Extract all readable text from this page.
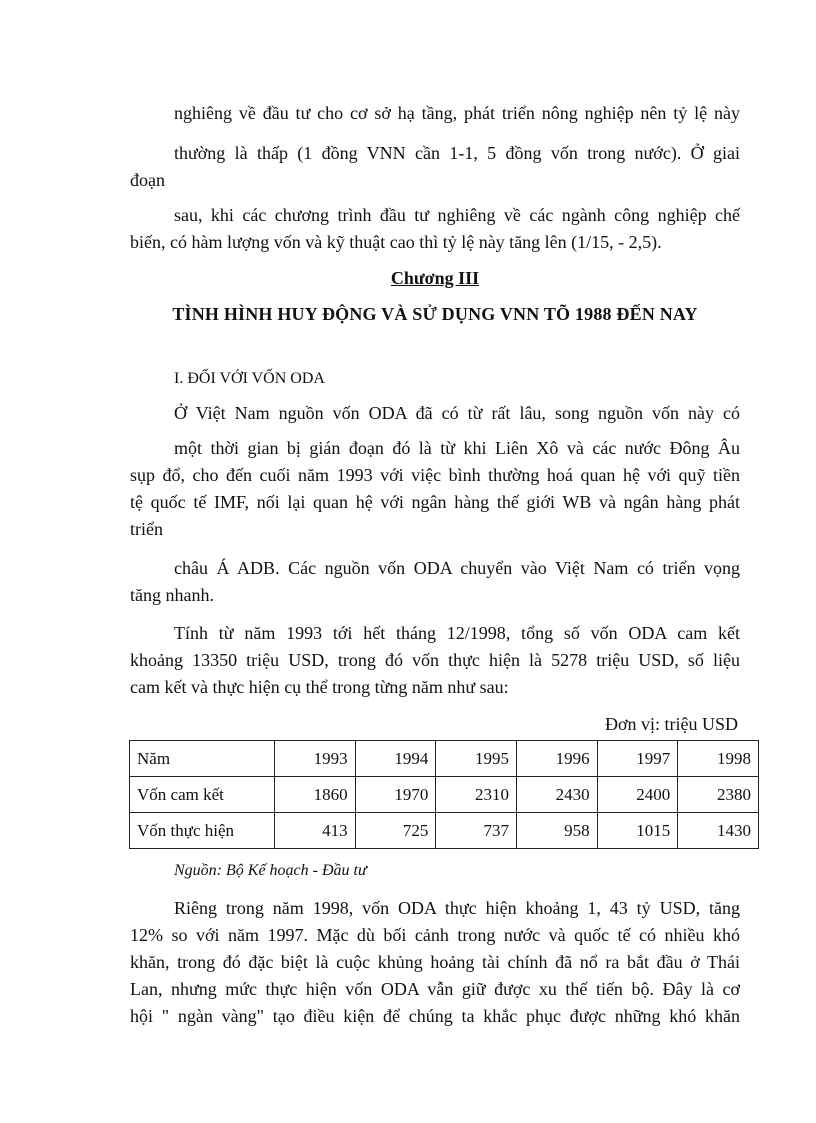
nghiêng về đầu tư cho cơ sở hạ tầng, phát triển nông nghiệp nên tỷ lệ này

thường là thấp (1 đồng VNN cần 1-1, 5 đồng vốn trong nước). Ở giai

đoạn

sau, khi các chương trình đầu tư nghiêng về các ngành công nghiệp chế

biến, có hàm lượng vốn và kỹ thuật cao thì tỷ lệ này tăng lên (1/15, - 2,5).

Chương III

TÌNH HÌNH HUY ĐỘNG VÀ SỬ DỤNG VNN TÕ 1988 ĐẾN NAY

I. ĐỐI VỚI VỐN ODA

Ở Việt Nam nguồn vốn ODA đã có từ rất lâu, song nguồn vốn này có

một thời gian bị gián đoạn đó là từ khi Liên Xô và các nước Đông Âu

sụp đổ, cho đến cuối năm 1993 với việc bình thường hoá quan hệ với quỹ tiền

tệ quốc tế IMF, nối lại quan hệ với ngân hàng thế giới WB và ngân hàng phát

triển

châu Á ADB. Các nguồn vốn ODA chuyển vào Việt Nam có triển vọng

tăng nhanh.

Tính từ năm 1993 tới hết tháng 12/1998, tổng số vốn ODA cam kết

khoảng 13350 triệu USD, trong đó vốn thực hiện là 5278 triệu USD, số liệu

cam kết và thực hiện cụ thể trong từng năm như sau:

Đơn vị: triệu USD

Năm	1993	1994	1995	1996	1997	1998
Vốn cam kết	1860	1970	2310	2430	2400	2380
Vốn thực hiện	413	725	737	958	1015	1430

Nguồn: Bộ Kế hoạch - Đầu tư

Riêng trong năm 1998, vốn ODA thực hiện khoảng 1, 43 tỷ USD, tăng

12% so với năm 1997. Mặc dù bối cảnh trong nước và quốc tế có nhiều khó

khăn, trong đó đặc biệt là cuộc khủng hoảng tài chính đã nổ ra bắt đầu ở Thái

Lan, nhưng mức thực hiện vốn ODA vẫn giữ được xu thế tiến bộ. Đây là cơ

hội " ngàn vàng" tạo điều kiện để chúng ta khắc phục được những khó khăn
